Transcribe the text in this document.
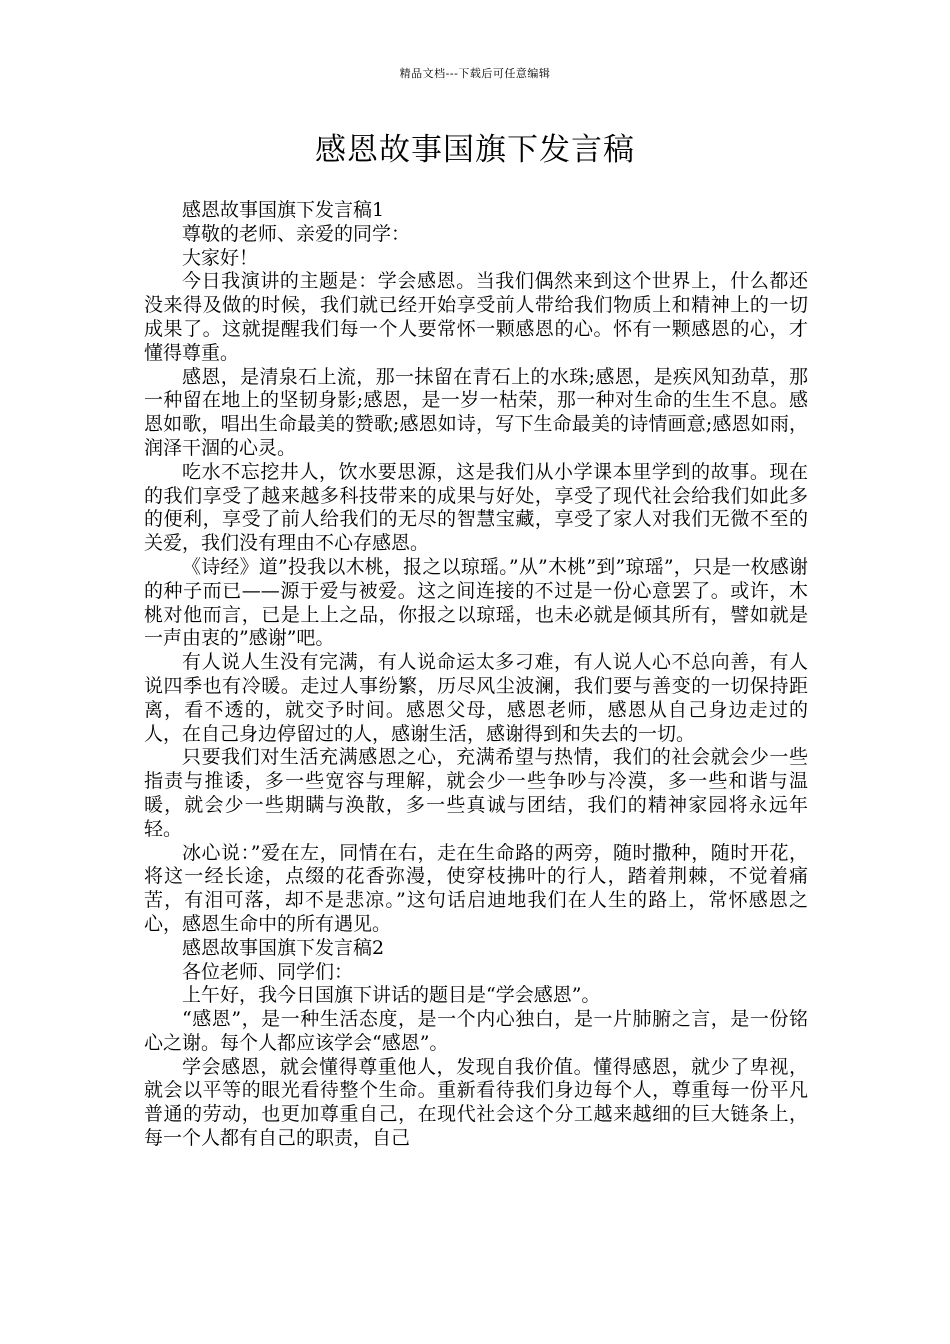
精品文档---下载后可任意编辑
感恩故事国旗下发言稿

感恩故事国旗下发言稿1

尊敬的老师、亲爱的同学：

大家好！

今日我演讲的主题是：学会感恩。当我们偶然来到这个世界上，什么都还没来得及做的时候，我们就已经开始享受前人带给我们物质上和精神上的一切成果了。这就提醒我们每一个人要常怀一颗感恩的心。怀有一颗感恩的心，才懂得尊重。

感恩，是清泉石上流，那一抹留在青石上的水珠;感恩，是疾风知劲草，那一种留在地上的坚韧身影;感恩，是一岁一枯荣，那一种对生命的生生不息。感恩如歌，唱出生命最美的赞歌;感恩如诗，写下生命最美的诗情画意;感恩如雨，润泽干涸的心灵。

吃水不忘挖井人，饮水要思源，这是我们从小学课本里学到的故事。现在的我们享受了越来越多科技带来的成果与好处，享受了现代社会给我们如此多的便利，享受了前人给我们的无尽的智慧宝藏，享受了家人对我们无微不至的关爱，我们没有理由不心存感恩。

《诗经》道”投我以木桃，报之以琼瑶。”从”木桃”到”琼瑶”，只是一枚感谢的种子而已——源于爱与被爱。这之间连接的不过是一份心意罢了。或许，木桃对他而言，已是上上之品，你报之以琼瑶，也未必就是倾其所有，譬如就是一声由衷的”感谢”吧。

有人说人生没有完满，有人说命运太多刁难，有人说人心不总向善，有人说四季也有冷暖。走过人事纷繁，历尽风尘波澜，我们要与善变的一切保持距离，看不透的，就交予时间。感恩父母，感恩老师，感恩从自己身边走过的人，在自己身边停留过的人，感谢生活，感谢得到和失去的一切。

只要我们对生活充满感恩之心，充满希望与热情，我们的社会就会少一些指责与推诿，多一些宽容与理解，就会少一些争吵与冷漠，多一些和谐与温暖，就会少一些期瞒与涣散，多一些真诚与团结，我们的精神家园将永远年轻。

冰心说：”爱在左，同情在右，走在生命路的两旁，随时撒种，随时开花，将这一经长途，点缀的花香弥漫，使穿枝拂叶的行人，踏着荆棘，不觉着痛苦，有泪可落，却不是悲凉。”这句话启迪地我们在人生的路上，常怀感恩之心，感恩生命中的所有遇见。

感恩故事国旗下发言稿2

各位老师、同学们：

上午好，我今日国旗下讲话的题目是“学会感恩”。

“感恩”，是一种生活态度，是一个内心独白，是一片肺腑之言，是一份铭心之谢。每个人都应该学会“感恩”。

学会感恩，就会懂得尊重他人，发现自我价值。懂得感恩，就少了卑视，就会以平等的眼光看待整个生命。重新看待我们身边每个人，尊重每一份平凡普通的劳动，也更加尊重自己，在现代社会这个分工越来越细的巨大链条上，每一个人都有自己的职责，自己
